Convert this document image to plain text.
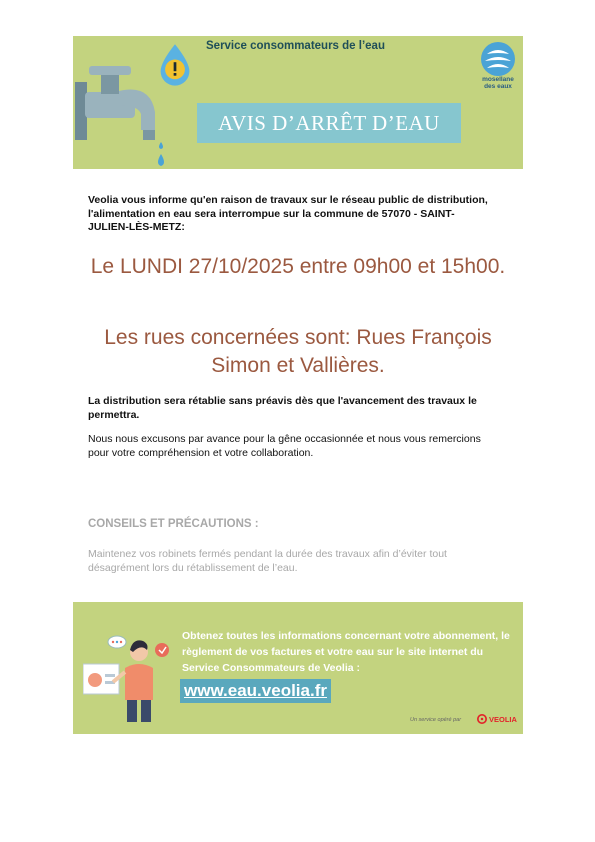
Service consommateurs de l’eau
AVIS D’ARRÊT D’EAU
mosellane
des eaux
Veolia vous informe qu'en raison de travaux sur le réseau public de distribution, l'alimentation en eau sera interrompue sur la commune de 57070 - SAINT-JULIEN-LÈS-METZ:
Le LUNDI 27/10/2025 entre 09h00 et 15h00.
Les rues concernées sont: Rues François Simon et Vallières.
La distribution sera rétablie sans préavis dès que l'avancement des travaux le permettra.
Nous nous excusons par avance pour la gêne occasionnée et nous vous remercions pour votre compréhension et votre collaboration.
CONSEILS ET PRÉCAUTIONS :
Maintenez vos robinets fermés pendant la durée des travaux afin d’éviter tout désagrément lors du rétablissement de l’eau.
Obtenez toutes les informations concernant votre abonnement, le règlement de vos factures et votre eau sur le site internet du Service Consommateurs de Veolia :
www.eau.veolia.fr
Un service opéré par	VEOLIA
